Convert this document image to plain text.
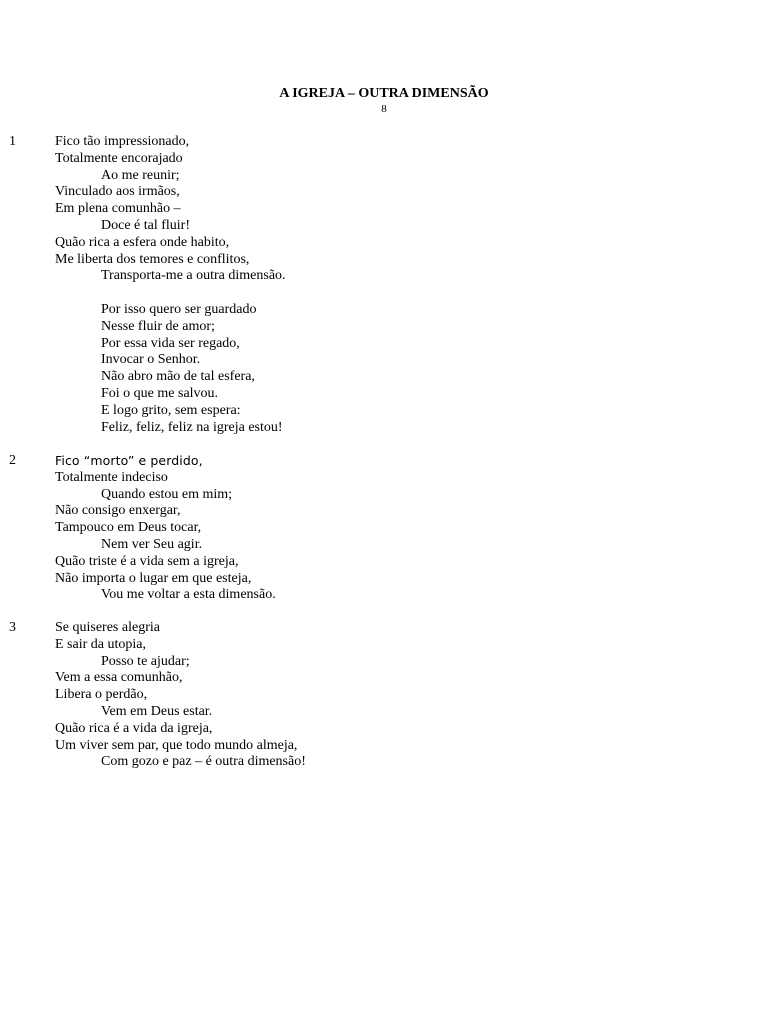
A IGREJA – OUTRA DIMENSÃO
8
1	Fico tão impressionado,
Totalmente encorajado
Ao me reunir;
Vinculado aos irmãos,
Em plena comunhão –
Doce é tal fluir!
Quão rica a esfera onde habito,
Me liberta dos temores e conflitos,
Transporta-me a outra dimensão.
Por isso quero ser guardado
Nesse fluir de amor;
Por essa vida ser regado,
Invocar o Senhor.
Não abro mão de tal esfera,
Foi o que me salvou.
E logo grito, sem espera:
Feliz, feliz, feliz na igreja estou!
2	Fico “morto” e perdido,
Totalmente indeciso
Quando estou em mim;
Não consigo enxergar,
Tampouco em Deus tocar,
Nem ver Seu agir.
Quão triste é a vida sem a igreja,
Não importa o lugar em que esteja,
Vou me voltar a esta dimensão.
3	Se quiseres alegria
E sair da utopia,
Posso te ajudar;
Vem a essa comunhão,
Libera o perdão,
Vem em Deus estar.
Quão rica é a vida da igreja,
Um viver sem par, que todo mundo almeja,
Com gozo e paz – é outra dimensão!
